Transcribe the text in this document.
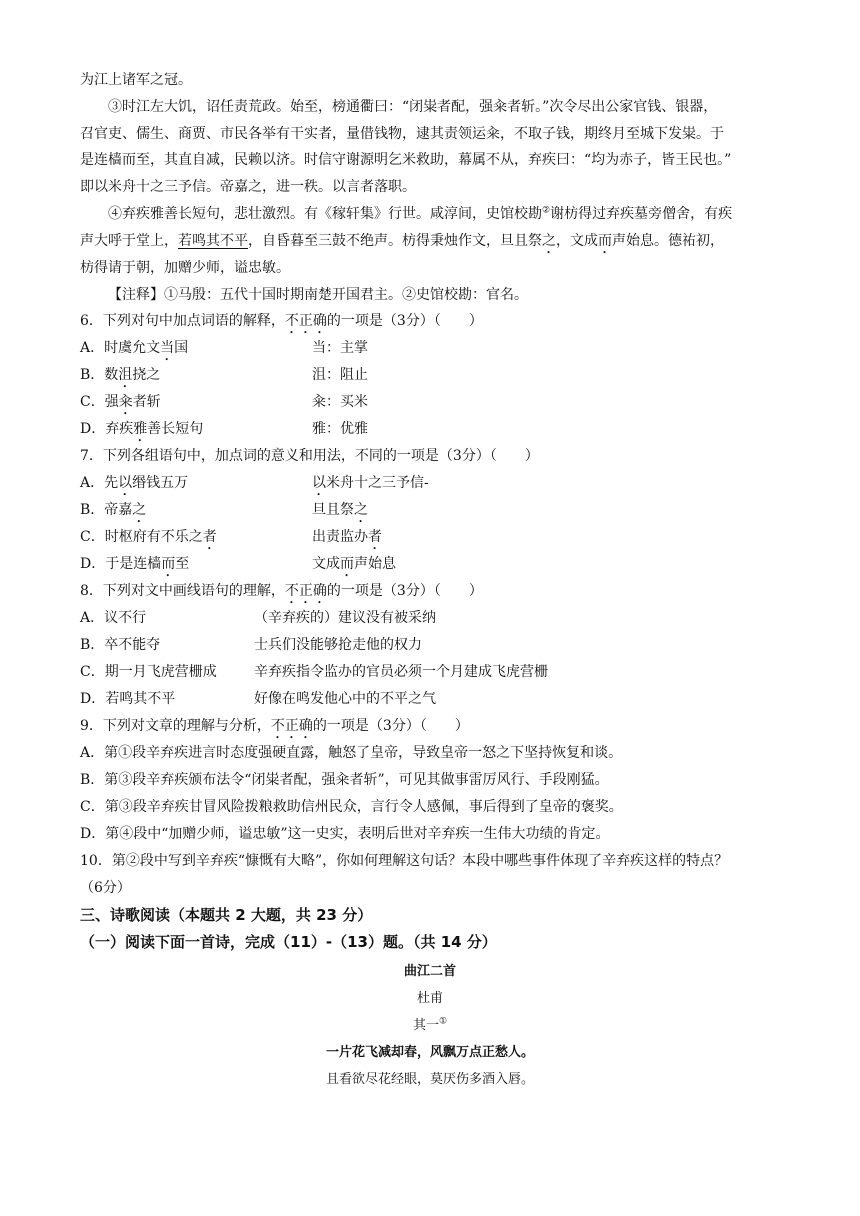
为江上诸军之冠。
③时江左大饥，诏任责荒政。始至，榜通衢曰：“闭粜者配，强籴者斩。”次令尽出公家官钱、银器，
召官吏、儒生、商贾、市民各举有干实者，量借钱物，逮其责领运籴，不取子钱，期终月至城下发粜。于
是连樯而至，其直自减，民赖以济。时信守谢源明乞米救助，幕属不从，弃疾曰：“均为赤子，皆王民也。”
即以米舟十之三予信。帝嘉之，进一秩。以言者落职。
④弃疾雅善长短句，悲壮激烈。有《稼轩集》行世。咸淳间，史馆校勘②谢枋得过弃疾墓旁僧舍，有疾
声大呼于堂上，若鸣其不平，自昏暮至三鼓不绝声。枋得秉烛作文，旦且祭之，文成而声始息。德祐初，
枋得请于朝，加赠少师，谥忠敏。
【注释】①马殷：五代十国时期南楚开国君主。②史馆校勘：官名。
6．下列对句中加点词语的解释，不正确的一项是（3分）（　　）
A．时虞允文当国	当：主掌
B．数沮挠之	沮：阻止
C．强籴者斩	籴：买米
D．弃疾雅善长短句	雅：优雅
7．下列各组语句中，加点词的意义和用法，不同的一项是（3分）（　　）
A．先以缗钱五万	以米舟十之三予信-
B．帝嘉之	旦且祭之
C．时枢府有不乐之者	出责监办者
D．于是连樯而至	文成而声始息
8．下列对文中画线语句的理解，不正确的一项是（3分）（　　）
A．议不行	（辛弃疾的）建议没有被采纳
B．卒不能夺	士兵们没能够抢走他的权力
C．期一月飞虎营栅成	辛弃疾指令监办的官员必须一个月建成飞虎营栅
D．若鸣其不平	好像在鸣发他心中的不平之气
9．下列对文章的理解与分析，不正确的一项是（3分）（　　）
A．第①段辛弃疾进言时态度强硬直露，触怒了皇帝，导致皇帝一怒之下坚持恢复和谈。
B．第③段辛弃疾颁布法令“闭粜者配，强籴者斩”，可见其做事雷厉风行、手段刚猛。
C．第③段辛弃疾甘冒风险拨粮救助信州民众，言行令人感佩，事后得到了皇帝的褒奖。
D．第④段中“加赠少师，谥忠敏”这一史实，表明后世对辛弃疾一生伟大功绩的肯定。
10．第②段中写到辛弃疾“慷慨有大略”，你如何理解这句话？本段中哪些事件体现了辛弃疾这样的特点？
（6分）
三、诗歌阅读（本题共 2 大题，共 23 分）
（一）阅读下面一首诗，完成（11）-（13）题。（共 14 分）
曲江二首
杜甫
其一①
一片花飞减却春，风飘万点正愁人。
且看欲尽花经眼，莫厌伤多酒入唇。
